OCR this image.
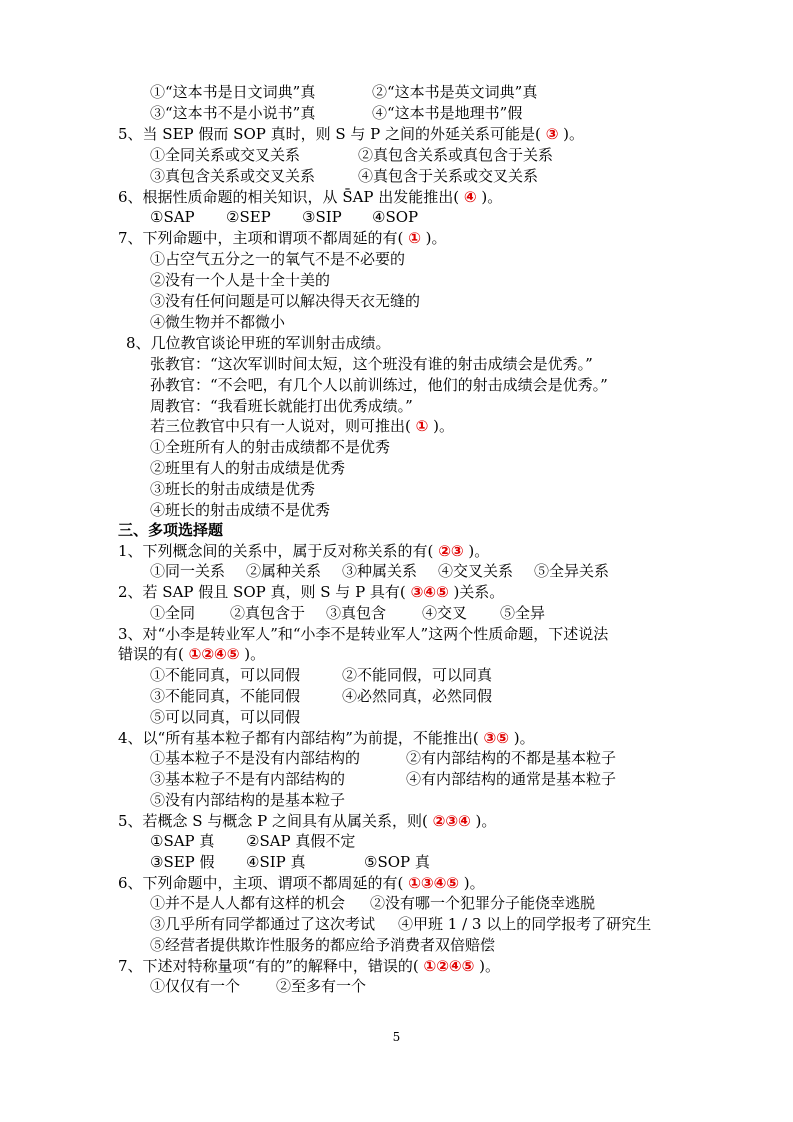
①“这本书是日文词典”真	②“这本书是英文词典”真
③“这本书不是小说书”真	④“这本书是地理书”假
5、当 SEP 假而 SOP 真时，则 S 与 P 之间的外延关系可能是( ③ )。
①全同关系或交叉关系	②真包含关系或真包含于关系
③真包含关系或交叉关系	④真包含于关系或交叉关系
6、根据性质命题的相关知识，从 S̄AP 出发能推出( ④ )。
①SAP ②SEP ③SIP ④SOP
7、下列命题中，主项和谓项不都周延的有( ① )。
①占空气五分之一的氧气不是不必要的
②没有一个人是十全十美的
③没有任何问题是可以解决得天衣无缝的
④微生物并不都微小
8、几位教官谈论甲班的军训射击成绩。
张教官：“这次军训时间太短，这个班没有谁的射击成绩会是优秀。”
孙教官：“不会吧，有几个人以前训练过，他们的射击成绩会是优秀。”
周教官：“我看班长就能打出优秀成绩。”
若三位教官中只有一人说对，则可推出( ① )。
①全班所有人的射击成绩都不是优秀
②班里有人的射击成绩是优秀
③班长的射击成绩是优秀
④班长的射击成绩不是优秀
三、多项选择题
1、下列概念间的关系中，属于反对称关系的有( ②③ )。
①同一关系 ②属种关系 ③种属关系 ④交叉关系 ⑤全异关系
2、若 SAP 假且 SOP 真，则 S 与 P 具有( ③④⑤ )关系。
①全同 ②真包含于 ③真包含 ④交叉 ⑤全异
3、对“小李是转业军人”和“小李不是转业军人”这两个性质命题，下述说法
错误的有( ①②④⑤ )。
①不能同真，可以同假	②不能同假，可以同真
③不能同真，不能同假	④必然同真，必然同假
⑤可以同真，可以同假
4、以“所有基本粒子都有内部结构”为前提，不能推出( ③⑤ )。
①基本粒子不是没有内部结构的	②有内部结构的不都是基本粒子
③基本粒子不是有内部结构的	④有内部结构的通常是基本粒子
⑤没有内部结构的是基本粒子
5、若概念 S 与概念 P 之间具有从属关系，则( ②③④ )。
①SAP 真 ②SAP 真假不定
③SEP 假 ④SIP 真	⑤SOP 真
6、下列命题中，主项、谓项不都周延的有( ①③④⑤ )。
①并不是人人都有这样的机会 ②没有哪一个犯罪分子能侥幸逃脱
③几乎所有同学都通过了这次考试 ④甲班 1 / 3 以上的同学报考了研究生
⑤经营者提供欺诈性服务的都应给予消费者双倍赔偿
7、下述对特称量项“有的”的解释中，错误的( ①②④⑤ )。
①仅仅有一个 ②至多有一个
5
